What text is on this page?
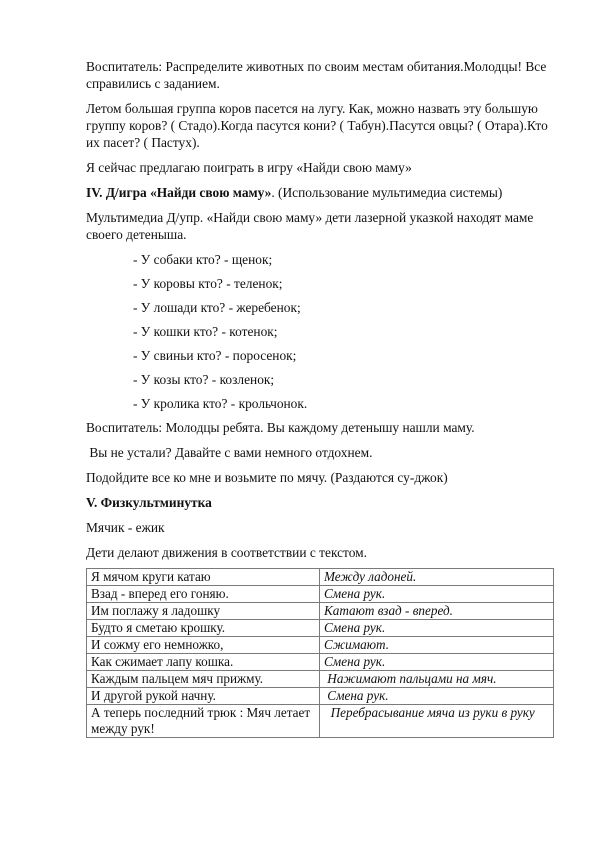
Воспитатель: Распределите животных по своим местам обитания.Молодцы! Все справились с заданием.

Летом большая группа коров пасется на лугу. Как, можно назвать эту большую группу коров? ( Стадо).Когда пасутся кони? ( Табун).Пасутся овцы? ( Отара).Кто их пасет? ( Пастух).

Я сейчас предлагаю поиграть в игру «Найди свою маму»

IV. Д/игра «Найди свою маму». (Использование мультимедиа системы)

Мультимедиа Д/упр. «Найди свою маму» дети лазерной указкой находят маме своего детеныша.

- У собаки кто? - щенок;
- У коровы кто? - теленок;
- У лошади кто? - жеребенок;
- У кошки кто? - котенок;
- У свиньи кто? - поросенок;
- У козы кто? - козленок;
- У кролика кто? - крольчонок.

Воспитатель: Молодцы ребята. Вы каждому детенышу нашли маму.

Вы не устали? Давайте с вами немного отдохнем.

Подойдите все ко мне и возьмите по мячу. (Раздаются су-джок)

V. Физкультминутка

Мячик - ежик

Дети делают движения в соответствии с текстом.

Я мячом круги катаю	Между ладоней.
Взад - вперед его гоняю.	Смена рук.
Им поглажу я ладошку	Катают взад - вперед.
Будто я сметаю крошку.	Смена рук.
И сожму его немножко,	Сжимают.
Как сжимает лапу кошка.	Смена рук.
Каждым пальцем мяч прижму.	Нажимают пальцами на мяч.
И другой рукой начну.	Смена рук.
А теперь последний трюк : Мяч летает между рук!	Перебрасывание мяча из руки в руку
